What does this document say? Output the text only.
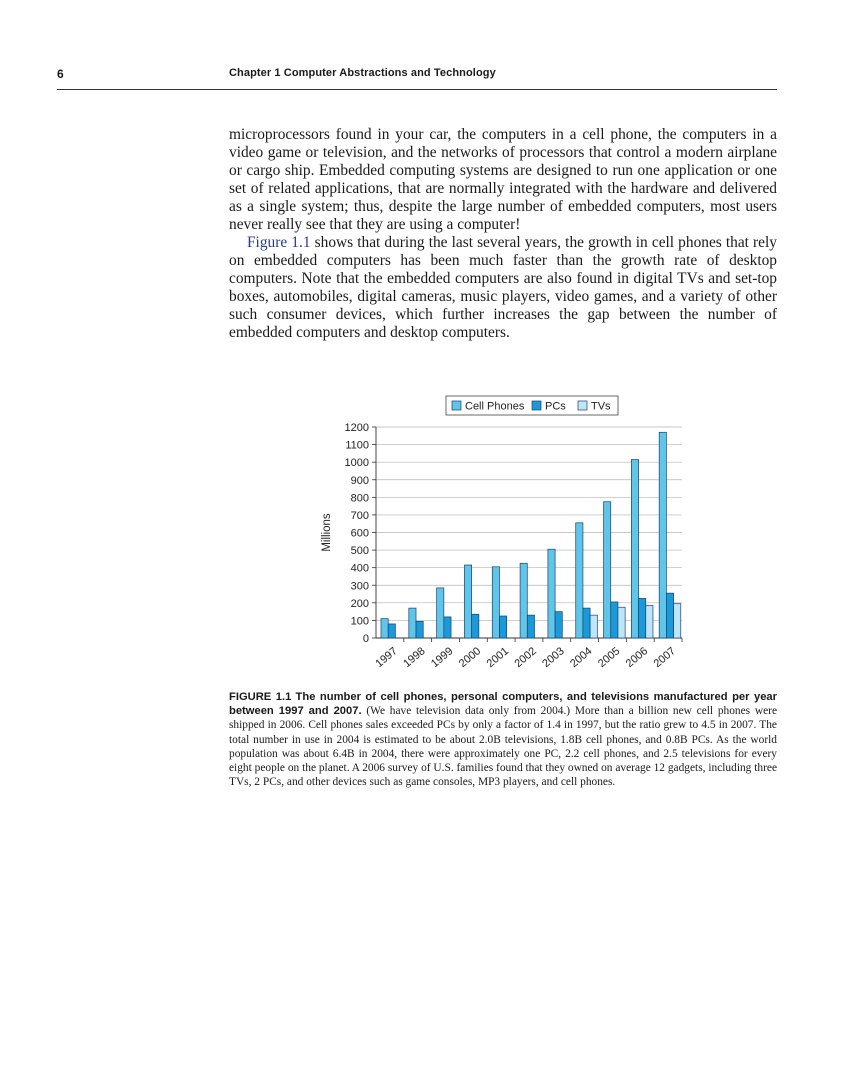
6	Chapter 1 Computer Abstractions and Technology

microprocessors found in your car, the computers in a cell phone, the computers in a video game or television, and the networks of processors that control a modern airplane or cargo ship. Embedded computing systems are designed to run one application or one set of related applications, that are normally integrated with the hardware and delivered as a single system; thus, despite the large number of embedded computers, most users never really see that they are using a computer!

Figure 1.1 shows that during the last several years, the growth in cell phones that rely on embedded computers has been much faster than the growth rate of desktop computers. Note that the embedded computers are also found in digital TVs and set-top boxes, automobiles, digital cameras, music players, video games, and a variety of other such consumer devices, which further increases the gap between the number of embedded computers and desktop computers.

0
100
200
300
400
500
600
700
800
900
1000
1100
1200
1997 1998 1999 2000 2001 2002 2003 2004 2005 2006 2007
Millions
Cell Phones PCs TVs
FIGURE 1.1 The number of cell phones, personal computers, and televisions manufactured per year between 1997 and 2007. (We have television data only from 2004.) More than a billion new cell phones were shipped in 2006. Cell phones sales exceeded PCs by only a factor of 1.4 in 1997, but the ratio grew to 4.5 in 2007. The total number in use in 2004 is estimated to be about 2.0B televisions, 1.8B cell phones, and 0.8B PCs. As the world population was about 6.4B in 2004, there were approximately one PC, 2.2 cell phones, and 2.5 televisions for every eight people on the planet. A 2006 survey of U.S. families found that they owned on average 12 gadgets, including three TVs, 2 PCs, and other devices such as game consoles, MP3 players, and cell phones.
